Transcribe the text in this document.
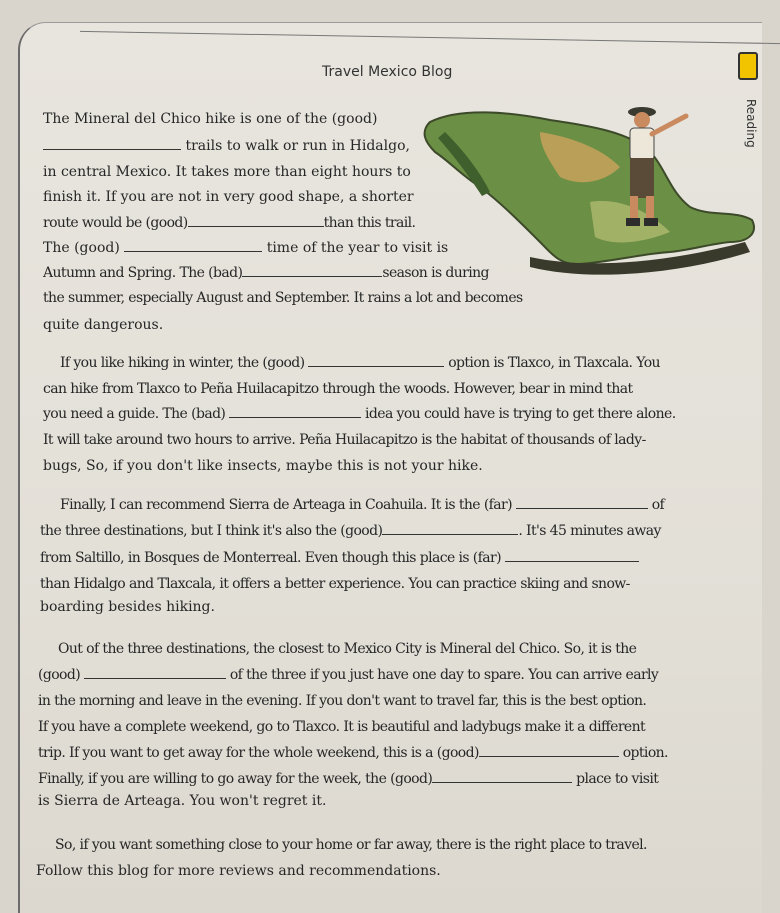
Travel Mexico Blog
Reading

The Mineral del Chico hike is one of the (good)

trails to walk or run in Hidalgo,

in central Mexico. It takes more than eight hours to

finish it. If you are not in very good shape, a shorter

route would be (good)	than this trail.

The (good)	time of the year to visit is

Autumn and Spring. The (bad)	season is during

the summer, especially August and September. It rains a lot and becomes

quite dangerous.

If you like hiking in winter, the (good)	option is Tlaxco, in Tlaxcala. You

can hike from Tlaxco to Peña Huilacapitzo through the woods. However, bear in mind that

you need a guide. The (bad)	idea you could have is trying to get there alone.

It will take around two hours to arrive. Peña Huilacapitzo is the habitat of thousands of lady-

bugs, So, if you don't like insects, maybe this is not your hike.

Finally, I can recommend Sierra de Arteaga in Coahuila. It is the (far)	of

the three destinations, but I think it's also the (good)	. It's 45 minutes away

from Saltillo, in Bosques de Monterreal. Even though this place is (far)

than Hidalgo and Tlaxcala, it offers a better experience. You can practice skiing and snow-

boarding besides hiking.

Out of the three destinations, the closest to Mexico City is Mineral del Chico. So, it is the

(good)	of the three if you just have one day to spare. You can arrive early

in the morning and leave in the evening. If you don't want to travel far, this is the best option.

If you have a complete weekend, go to Tlaxco. It is beautiful and ladybugs make it a different

trip. If you want to get away for the whole weekend, this is a (good)	option.

Finally, if you are willing to go away for the week, the (good)	place to visit

is Sierra de Arteaga. You won't regret it.

So, if you want something close to your home or far away, there is the right place to travel.

Follow this blog for more reviews and recommendations.
